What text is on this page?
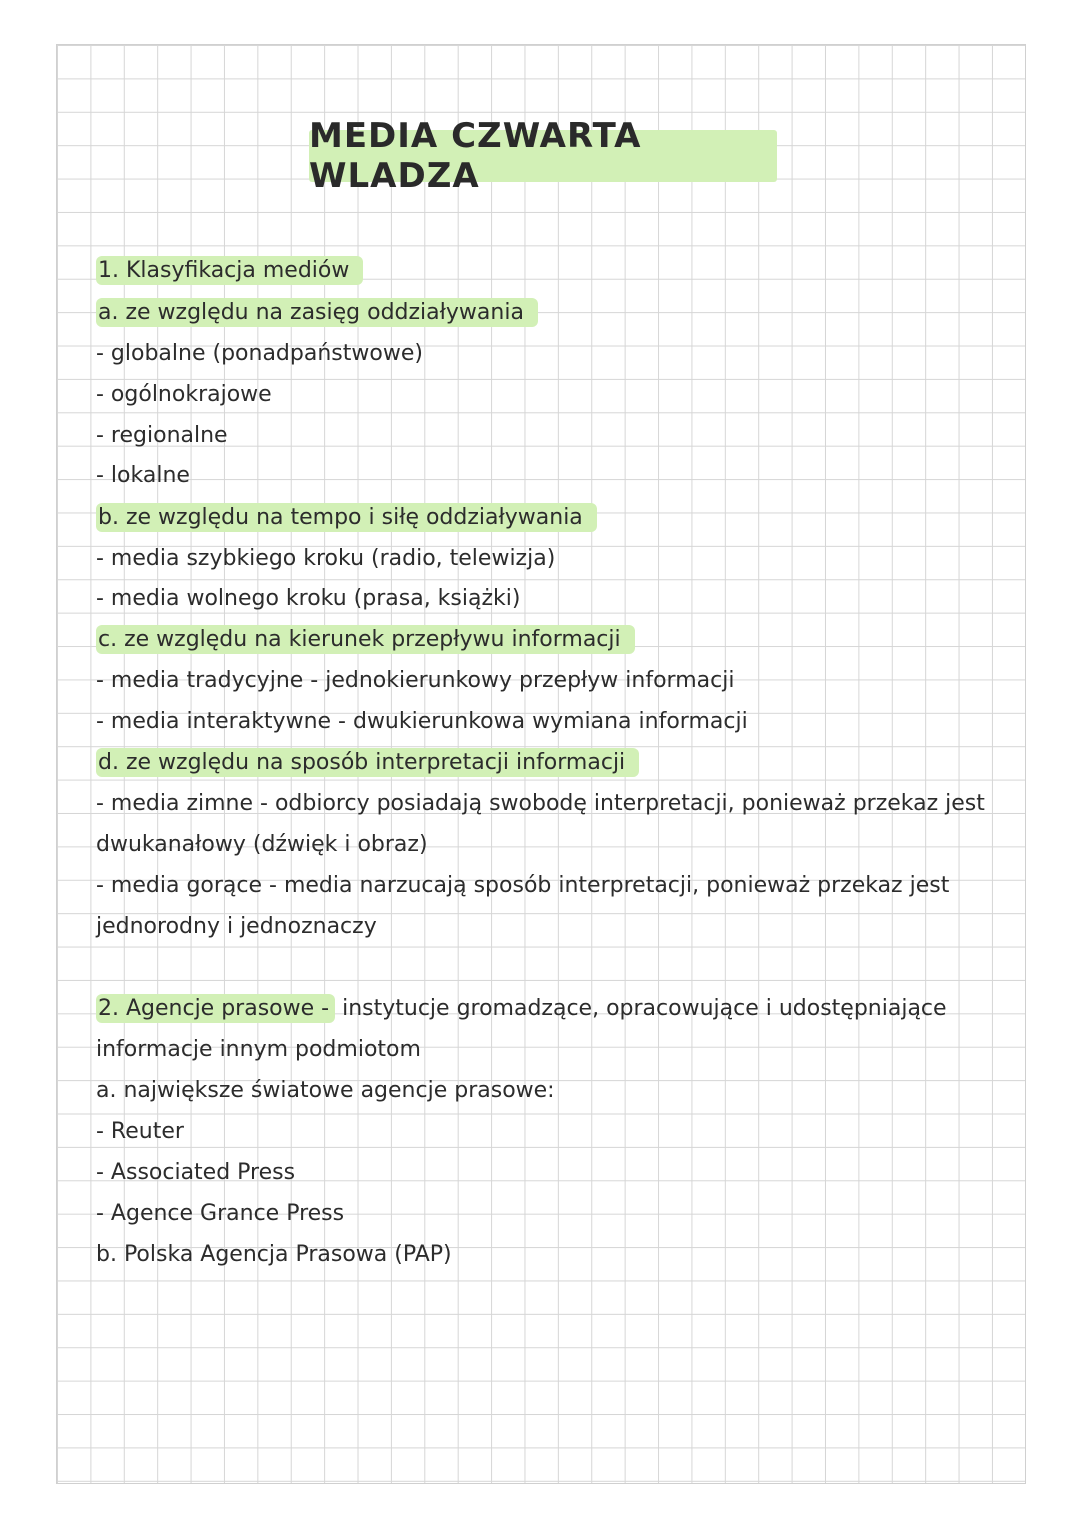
MEDIA CZWARTA WLADZA
1. Klasyfikacja mediów
a. ze względu na zasięg oddziaływania
- globalne (ponadpaństwowe)
- ogólnokrajowe
- regionalne
- lokalne
b. ze względu na tempo i siłę oddziaływania
- media szybkiego kroku (radio, telewizja)
- media wolnego kroku (prasa, książki)
c. ze względu na kierunek przepływu informacji
- media tradycyjne - jednokierunkowy przepływ informacji
- media interaktywne - dwukierunkowa wymiana informacji
d. ze względu na sposób interpretacji informacji
- media zimne - odbiorcy posiadają swobodę interpretacji, ponieważ przekaz jest
dwukanałowy (dźwięk i obraz)
- media gorące - media narzucają sposób interpretacji, ponieważ przekaz jest
jednorodny i jednoznaczy
2. Agencje prasowe - instytucje gromadzące, opracowujące i udostępniające
informacje innym podmiotom
a. największe światowe agencje prasowe:
- Reuter
- Associated Press
- Agence Grance Press
b. Polska Agencja Prasowa (PAP)
